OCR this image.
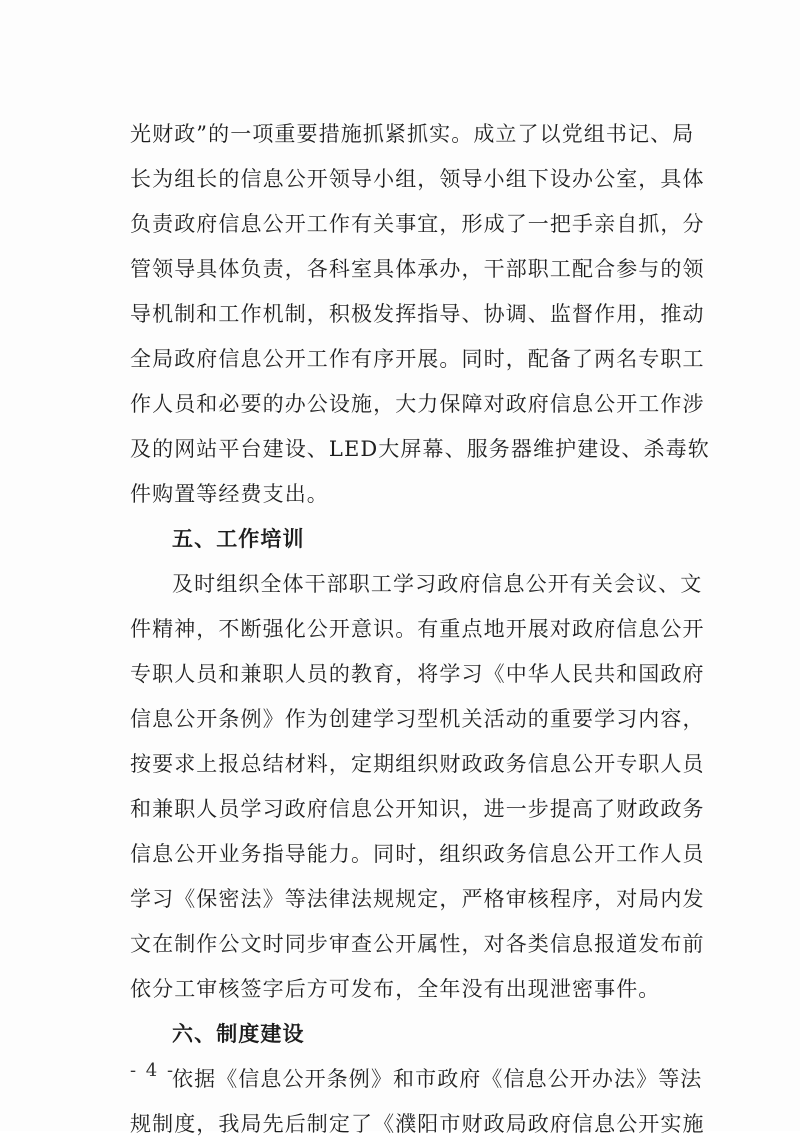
光财政”的一项重要措施抓紧抓实。成立了以党组书记、局
长为组长的信息公开领导小组，领导小组下设办公室，具体
负责政府信息公开工作有关事宜，形成了一把手亲自抓，分
管领导具体负责，各科室具体承办，干部职工配合参与的领
导机制和工作机制，积极发挥指导、协调、监督作用，推动
全局政府信息公开工作有序开展。同时，配备了两名专职工
作人员和必要的办公设施，大力保障对政府信息公开工作涉
及的网站平台建设、LED大屏幕、服务器维护建设、杀毒软
件购置等经费支出。
五、工作培训
及时组织全体干部职工学习政府信息公开有关会议、文
件精神，不断强化公开意识。有重点地开展对政府信息公开
专职人员和兼职人员的教育，将学习《中华人民共和国政府
信息公开条例》作为创建学习型机关活动的重要学习内容，
按要求上报总结材料，定期组织财政政务信息公开专职人员
和兼职人员学习政府信息公开知识，进一步提高了财政政务
信息公开业务指导能力。同时，组织政务信息公开工作人员
学习《保密法》等法律法规规定，严格审核程序，对局内发
文在制作公文时同步审查公开属性，对各类信息报道发布前
依分工审核签字后方可发布，全年没有出现泄密事件。
六、制度建设
依据《信息公开条例》和市政府《信息公开办法》等法
规制度，我局先后制定了《濮阳市财政局政府信息公开实施
- 4 -
